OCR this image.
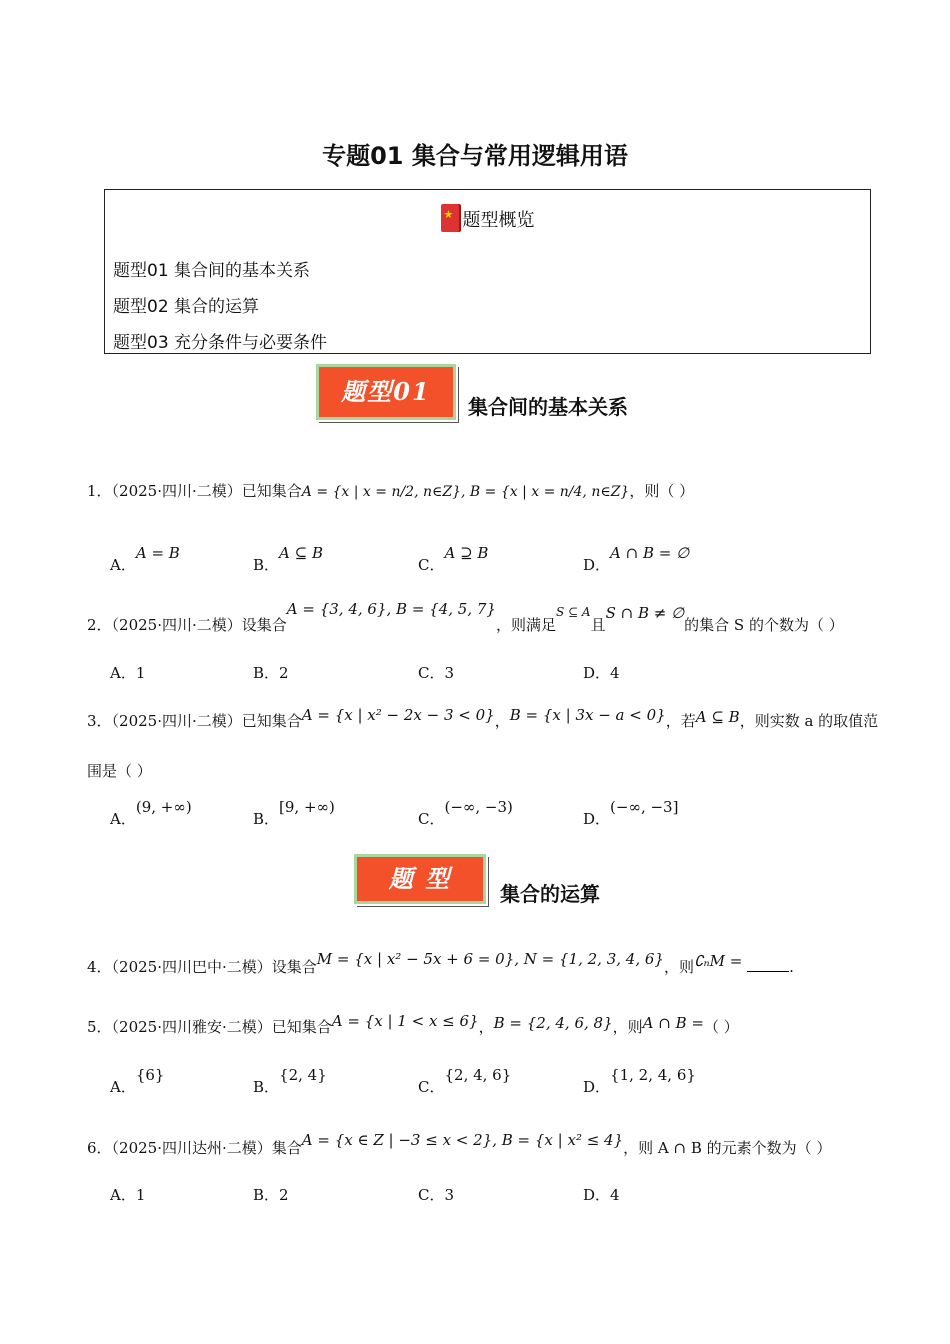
专题01 集合与常用逻辑用语
★题型概览
题型01 集合间的基本关系
题型02 集合的运算
题型03 充分条件与必要条件
题型01
集合间的基本关系
1．（2025·四川·二模）已知集合A = {x | x = n/2, n∈Z}, B = {x | x = n/4, n∈Z}，则（ ）
A．A = B
B．A ⊆ B
C．A ⊇ B
D．A ∩ B = ∅
2．（2025·四川·二模）设集合A = {3, 4, 6}, B = {4, 5, 7}，则满足$^{S ⊆ A}$且S ∩ B ≠ ∅的集合 S 的个数为（ ）
A．1	B．2	C．3	D．4
3．（2025·四川·二模）已知集合A = {x | x² − 2x − 3 < 0}，B = {x | 3x − a < 0}，若A ⊆ B，则实数 a 的取值范
围是（ ）
A．(9, +∞)
B．[9, +∞)
C．(−∞, −3)
D．(−∞, −3]
题 型
集合的运算
4．（2025·四川巴中·二模）设集合M = {x | x² − 5x + 6 = 0}, N = {1, 2, 3, 4, 6}，则∁ₙM =	.
5．（2025·四川雅安·二模）已知集合A = {x | 1 < x ≤ 6}，B = {2, 4, 6, 8}，则A ∩ B =（ ）
A．{6}
B．{2, 4}
C．{2, 4, 6}
D．{1, 2, 4, 6}
6．（2025·四川达州·二模）集合A = {x ∈ Z | −3 ≤ x < 2}, B = {x | x² ≤ 4}，则 A ∩ B 的元素个数为（ ）
A．1	B．2	C．3	D．4
